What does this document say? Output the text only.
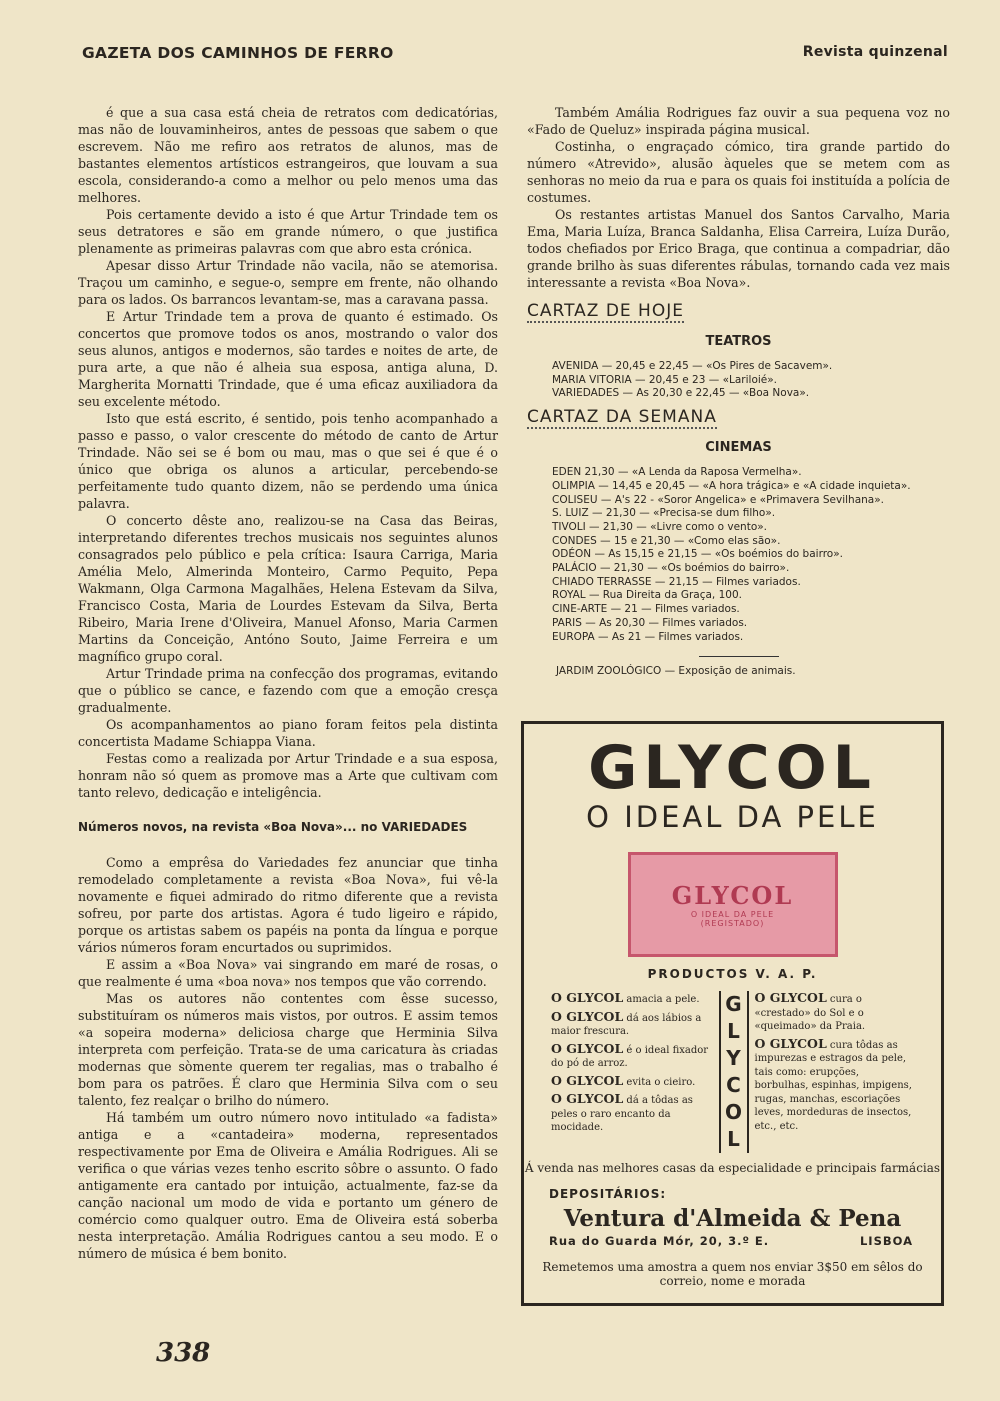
GAZETA DOS CAMINHOS DE FERRO	Revista quinzenal

é que a sua casa está cheia de retratos com dedicatórias, mas não de louvaminheiros, antes de pessoas que sabem o que escrevem. Não me refiro aos retratos de alunos, mas de bastantes elementos artísticos estrangeiros, que louvam a sua escola, considerando-a como a melhor ou pelo menos uma das melhores.

Pois certamente devido a isto é que Artur Trindade tem os seus detratores e são em grande número, o que justifica plenamente as primeiras palavras com que abro esta crónica.

Apesar disso Artur Trindade não vacila, não se atemorisa. Traçou um caminho, e segue-o, sempre em frente, não olhando para os lados. Os barrancos levantam-se, mas a caravana passa.

E Artur Trindade tem a prova de quanto é estimado. Os concertos que promove todos os anos, mostrando o valor dos seus alunos, antigos e modernos, são tardes e noites de arte, de pura arte, a que não é alheia sua esposa, antiga aluna, D. Margherita Mornatti Trindade, que é uma eficaz auxiliadora da seu excelente método.

Isto que está escrito, é sentido, pois tenho acompanhado a passo e passo, o valor crescente do método de canto de Artur Trindade. Não sei se é bom ou mau, mas o que sei é que é o único que obriga os alunos a articular, percebendo-se perfeitamente tudo quanto dizem, não se perdendo uma única palavra.

O concerto dêste ano, realizou-se na Casa das Beiras, interpretando diferentes trechos musicais nos seguintes alunos consagrados pelo público e pela crítica: Isaura Carriga, Maria Amélia Melo, Almerinda Monteiro, Carmo Pequito, Pepa Wakmann, Olga Carmona Magalhães, Helena Estevam da Silva, Francisco Costa, Maria de Lourdes Estevam da Silva, Berta Ribeiro, Maria Irene d'Oliveira, Manuel Afonso, Maria Carmen Martins da Conceição, Antóno Souto, Jaime Ferreira e um magnífico grupo coral.

Artur Trindade prima na confecção dos programas, evitando que o público se cance, e fazendo com que a emoção cresça gradualmente.

Os acompanhamentos ao piano foram feitos pela distinta concertista Madame Schiappa Viana.

Festas como a realizada por Artur Trindade e a sua esposa, honram não só quem as promove mas a Arte que cultivam com tanto relevo, dedicação e inteligência.

Números novos, na revista «Boa Nova»... no VARIEDADES

Como a emprêsa do Variedades fez anunciar que tinha remodelado completamente a revista «Boa Nova», fui vê-la novamente e fiquei admirado do ritmo diferente que a revista sofreu, por parte dos artistas. Agora é tudo ligeiro e rápido, porque os artistas sabem os papéis na ponta da língua e porque vários números foram encurtados ou suprimidos.

E assim a «Boa Nova» vai singrando em maré de rosas, o que realmente é uma «boa nova» nos tempos que vão correndo.

Mas os autores não contentes com êsse sucesso, substituíram os números mais vistos, por outros. E assim temos «a sopeira moderna» deliciosa charge que Herminia Silva interpreta com perfeição. Trata-se de uma caricatura às criadas modernas que sòmente querem ter regalias, mas o trabalho é bom para os patrões. É claro que Herminia Silva com o seu talento, fez realçar o brilho do número.

Há também um outro número novo intitulado «a fadista» antiga e a «cantadeira» moderna, representados respectivamente por Ema de Oliveira e Amália Rodrigues. Ali se verifica o que várias vezes tenho escrito sôbre o assunto. O fado antigamente era cantado por intuição, actualmente, faz-se da canção nacional um modo de vida e portanto um género de comércio como qualquer outro. Ema de Oliveira está soberba nesta interpretação. Amália Rodrigues cantou a seu modo. E o número de música é bem bonito.

Também Amália Rodrigues faz ouvir a sua pequena voz no «Fado de Queluz» inspirada página musical.

Costinha, o engraçado cómico, tira grande partido do número «Atrevido», alusão àqueles que se metem com as senhoras no meio da rua e para os quais foi instituída a polícia de costumes.

Os restantes artistas Manuel dos Santos Carvalho, Maria Ema, Maria Luíza, Branca Saldanha, Elisa Carreira, Luíza Durão, todos chefiados por Erico Braga, que continua a compadriar, dão grande brilho às suas diferentes rábulas, tornando cada vez mais interessante a revista «Boa Nova».

CARTAZ DE HOJE
TEATROS
AVENIDA — 20,45 e 22,45 — «Os Pires de Sacavem».
MARIA VITORIA — 20,45 e 23 — «Lariloié».
VARIEDADES — As 20,30 e 22,45 — «Boa Nova».
CARTAZ DA SEMANA
CINEMAS
EDEN 21,30 — «A Lenda da Raposa Vermelha».
OLIMPIA — 14,45 e 20,45 — «A hora trágica» e «A cidade inquieta».
COLISEU — A's 22 - «Soror Angelica» e «Primavera Sevilhana».
S. LUIZ — 21,30 — «Precisa-se dum filho».
TIVOLI — 21,30 — «Livre como o vento».
CONDES — 15 e 21,30 — «Como elas são».
ODÉON — As 15,15 e 21,15 — «Os boémios do bairro».
PALÁCIO — 21,30 — «Os boémios do bairro».
CHIADO TERRASSE — 21,15 — Filmes variados.
ROYAL — Rua Direita da Graça, 100.
CINE-ARTE — 21 — Filmes variados.
PARIS — As 20,30 — Filmes variados.
EUROPA — As 21 — Filmes variados.
JARDIM ZOOLÓGICO — Exposição de animais.
GLYCOL
O IDEAL DA PELE
GLYCOL
O IDEAL DA PELE
(REGISTADO)
PRODUCTOS V. A. P.
O GLYCOL amacia a pele.
O GLYCOL dá aos lábios a maior frescura.
O GLYCOL é o ideal fixador do pó de arroz.
O GLYCOL evita o cieiro.
O GLYCOL dá a tôdas as peles o raro encanto da mocidade.
G
L
Y
C
O
L
O GLYCOL cura o «crestado» do Sol e o «queimado» da Praia.
O GLYCOL cura tôdas as impurezas e estragos da pele, tais como: erupções, borbulhas, espinhas, impigens, rugas, manchas, escoriações leves, mordeduras de insectos, etc., etc.
Á venda nas melhores casas da especialidade e principais farmácias
DEPOSITÁRIOS:
Ventura d'Almeida & Pena
Rua do Guarda Mór, 20, 3.º E.	LISBOA
Remetemos uma amostra a quem nos enviar 3$50 em sêlos do correio, nome e morada
338
